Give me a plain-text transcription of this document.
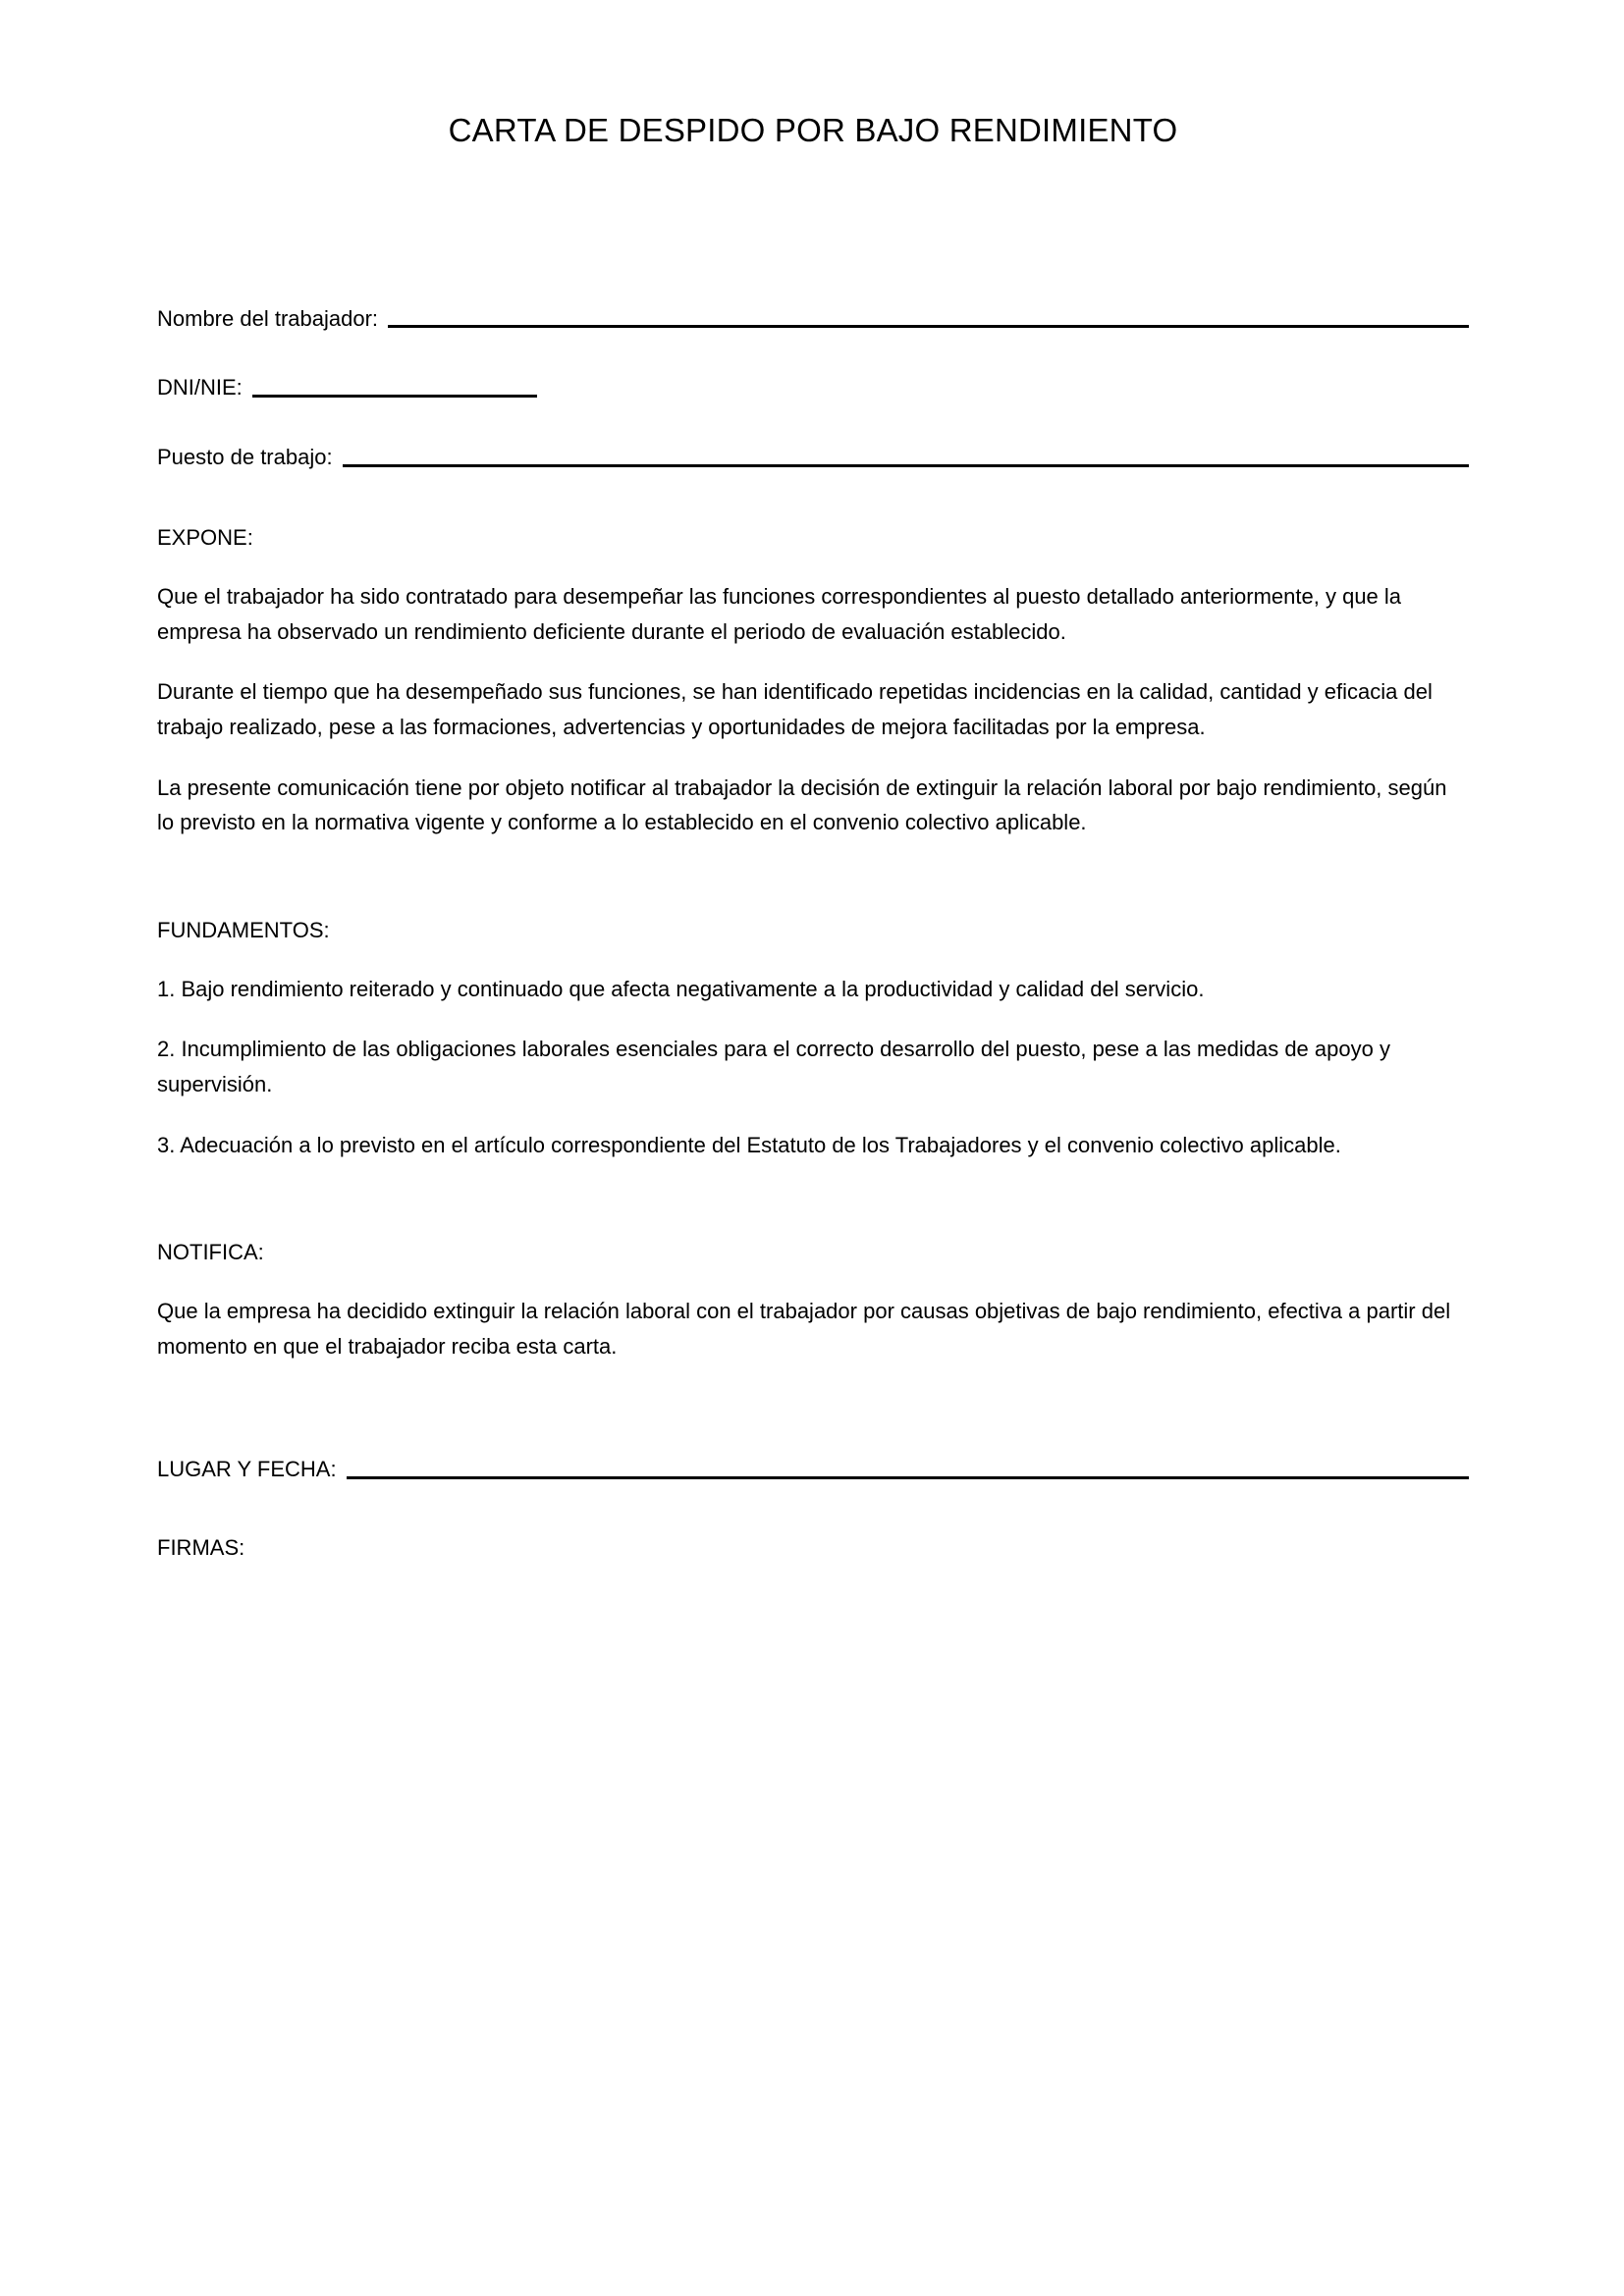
CARTA DE DESPIDO POR BAJO RENDIMIENTO
Nombre del trabajador:
DNI/NIE:
Puesto de trabajo:

EXPONE:

Que el trabajador ha sido contratado para desempeñar las funciones correspondientes al puesto detallado anteriormente, y que la empresa ha observado un rendimiento deficiente durante el periodo de evaluación establecido.

Durante el tiempo que ha desempeñado sus funciones, se han identificado repetidas incidencias en la calidad, cantidad y eficacia del trabajo realizado, pese a las formaciones, advertencias y oportunidades de mejora facilitadas por la empresa.

La presente comunicación tiene por objeto notificar al trabajador la decisión de extinguir la relación laboral por bajo rendimiento, según lo previsto en la normativa vigente y conforme a lo establecido en el convenio colectivo aplicable.

FUNDAMENTOS:

1. Bajo rendimiento reiterado y continuado que afecta negativamente a la productividad y calidad del servicio.

2. Incumplimiento de las obligaciones laborales esenciales para el correcto desarrollo del puesto, pese a las medidas de apoyo y supervisión.

3. Adecuación a lo previsto en el artículo correspondiente del Estatuto de los Trabajadores y el convenio colectivo aplicable.

NOTIFICA:

Que la empresa ha decidido extinguir la relación laboral con el trabajador por causas objetivas de bajo rendimiento, efectiva a partir del momento en que el trabajador reciba esta carta.

LUGAR Y FECHA:

FIRMAS:
